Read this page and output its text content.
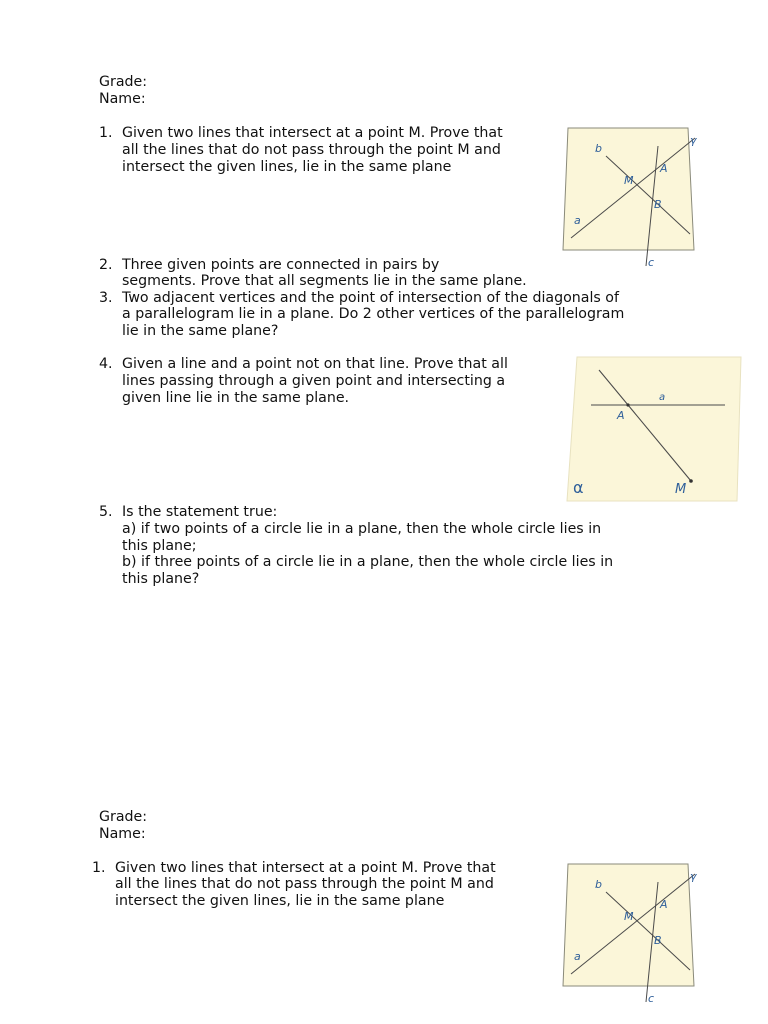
Grade:

Name:

1. Given two lines that intersect at a point M. Prove that

all the lines that do not pass through the point M and

intersect the given lines, lie in the same plane

2. Three given points are connected in pairs by

segments. Prove that all segments lie in the same plane.

3. Two adjacent vertices and the point of intersection of the diagonals of

a parallelogram lie in a plane. Do 2 other vertices of the parallelogram

lie in the same plane?

4. Given a line and a point not on that line. Prove that all

lines passing through a given point and intersecting a

given line lie in the same plane.

5. Is the statement true:

a) if two points of a circle lie in a plane, then the whole circle lies in

this plane;

b) if three points of a circle lie in a plane, then the whole circle lies in

this plane?

b
γ
M
A
B
a
c
a
A
M
α

Grade:

Name:

1. Given two lines that intersect at a point M. Prove that

all the lines that do not pass through the point M and

intersect the given lines, lie in the same plane

b
γ
M
A
B
a
c
